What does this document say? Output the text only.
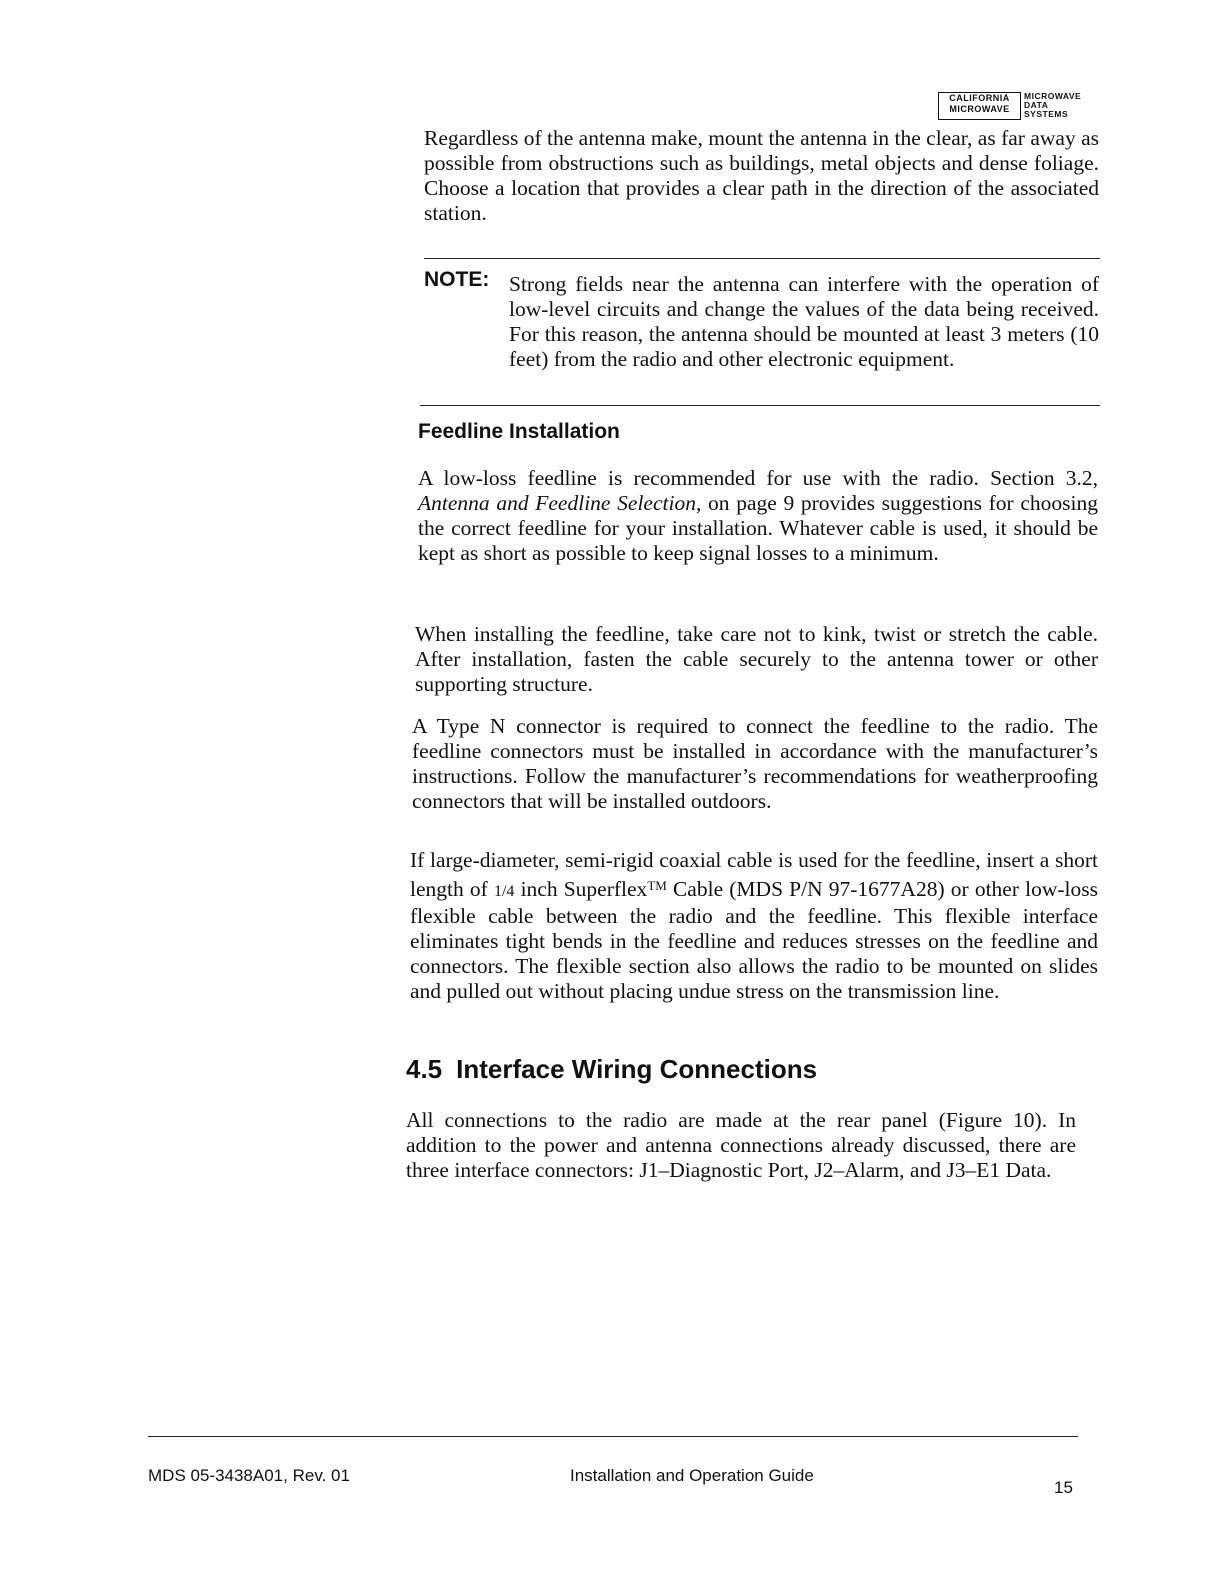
CALIFORNIA
MICROWAVE
MICROWAVE
DATA
SYSTEMS

Regardless of the antenna make, mount the antenna in the clear, as far away as possible from obstructions such as buildings, metal objects and dense foliage. Choose a location that provides a clear path in the direction of the associated station.

NOTE: Strong fields near the antenna can interfere with the operation of low-level circuits and change the values of the data being received. For this reason, the antenna should be mounted at least 3 meters (10 feet) from the radio and other electronic equipment.

Feedline Installation

A low-loss feedline is recommended for use with the radio. Section 3.2, Antenna and Feedline Selection, on page 9 provides suggestions for choosing the correct feedline for your installation. Whatever cable is used, it should be kept as short as possible to keep signal losses to a minimum.

When installing the feedline, take care not to kink, twist or stretch the cable. After installation, fasten the cable securely to the antenna tower or other supporting structure.

A Type N connector is required to connect the feedline to the radio. The feedline connectors must be installed in accordance with the manufacturer’s instructions. Follow the manufacturer’s recommendations for weatherproofing connectors that will be installed outdoors.

If large-diameter, semi-rigid coaxial cable is used for the feedline, insert a short length of 1/4 inch Superflex™ Cable (MDS P/N 97-1677A28) or other low-loss flexible cable between the radio and the feedline. This flexible interface eliminates tight bends in the feedline and reduces stresses on the feedline and connectors. The flexible section also allows the radio to be mounted on slides and pulled out without placing undue stress on the transmission line.

4.5 Interface Wiring Connections

All connections to the radio are made at the rear panel (Figure 10). In addition to the power and antenna connections already discussed, there are three interface connectors: J1–Diagnostic Port, J2–Alarm, and J3–E1 Data.

MDS 05-3438A01, Rev. 01	Installation and Operation Guide
15
